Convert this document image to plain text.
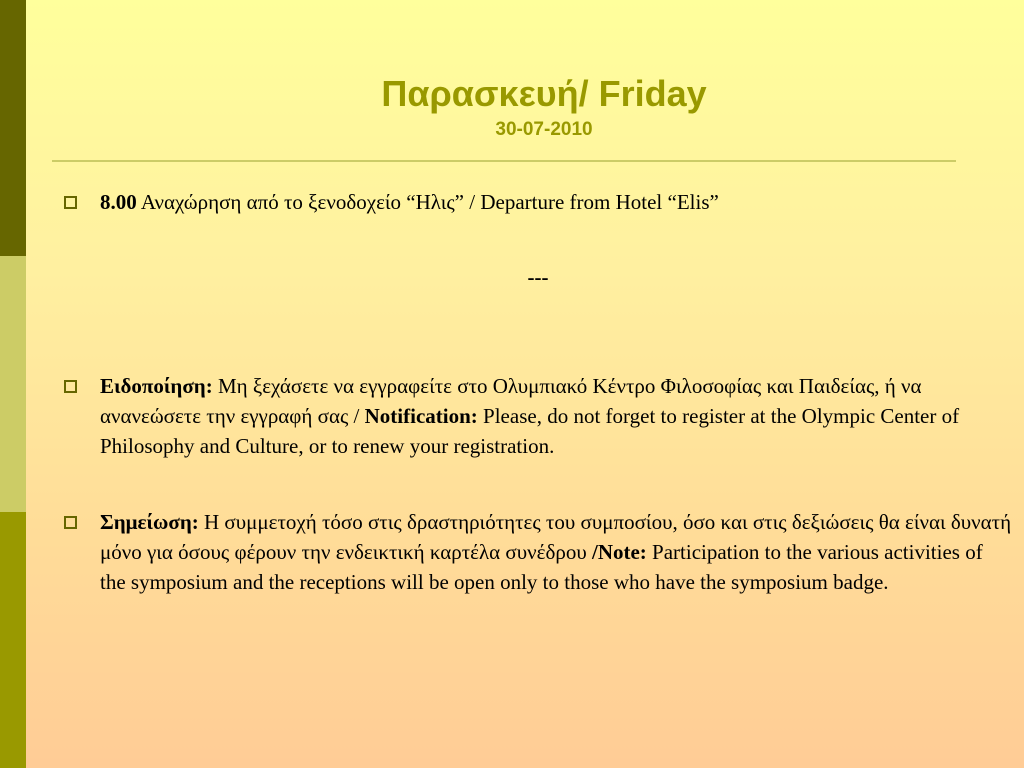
Παρασκευή/ Friday
30-07-2010
8.00 Αναχώρηση από το ξενοδοχείο “Ηλις” / Departure from Hotel “Elis”
---
Ειδοποίηση: Μη ξεχάσετε να εγγραφείτε στο Ολυμπιακό Κέντρο Φιλοσοφίας και Παιδείας, ή να ανανεώσετε την εγγραφή σας / Notification: Please, do not forget to register at the Olympic Center of Philosophy and Culture, or to renew your registration.
Σημείωση: Η συμμετοχή τόσο στις δραστηριότητες του συμποσίου, όσο και στις δεξιώσεις θα είναι δυνατή μόνο για όσους φέρουν την ενδεικτική καρτέλα συνέδρου /Note: Participation to the various activities of the symposium and the receptions will be open only to those who have the symposium badge.
